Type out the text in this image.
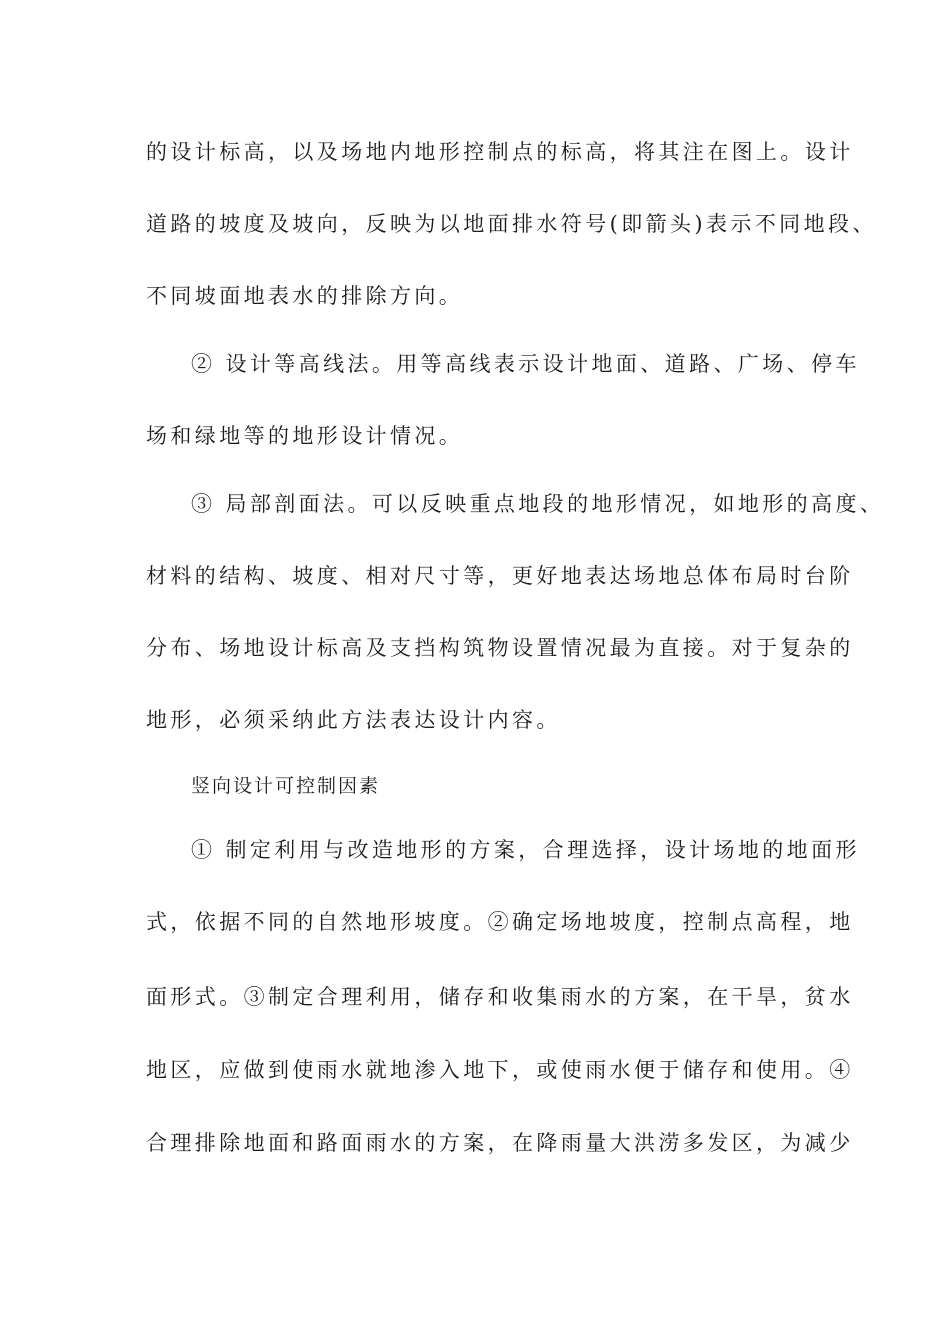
的设计标高，以及场地内地形控制点的标高，将其注在图上。设计
道路的坡度及坡向，反映为以地面排水符号(即箭头)表示不同地段、
不同坡面地表水的排除方向。
② 设计等高线法。用等高线表示设计地面、道路、广场、停车
场和绿地等的地形设计情况。
③ 局部剖面法。可以反映重点地段的地形情况，如地形的高度、
材料的结构、坡度、相对尺寸等，更好地表达场地总体布局时台阶
分布、场地设计标高及支挡构筑物设置情况最为直接。对于复杂的
地形，必须采纳此方法表达设计内容。
竖向设计可控制因素
① 制定利用与改造地形的方案，合理选择，设计场地的地面形
式，依据不同的自然地形坡度。②确定场地坡度，控制点高程，地
面形式。③制定合理利用，储存和收集雨水的方案，在干旱，贫水
地区，应做到使雨水就地渗入地下，或使雨水便于储存和使用。④
合理排除地面和路面雨水的方案，在降雨量大洪涝多发区，为减少
